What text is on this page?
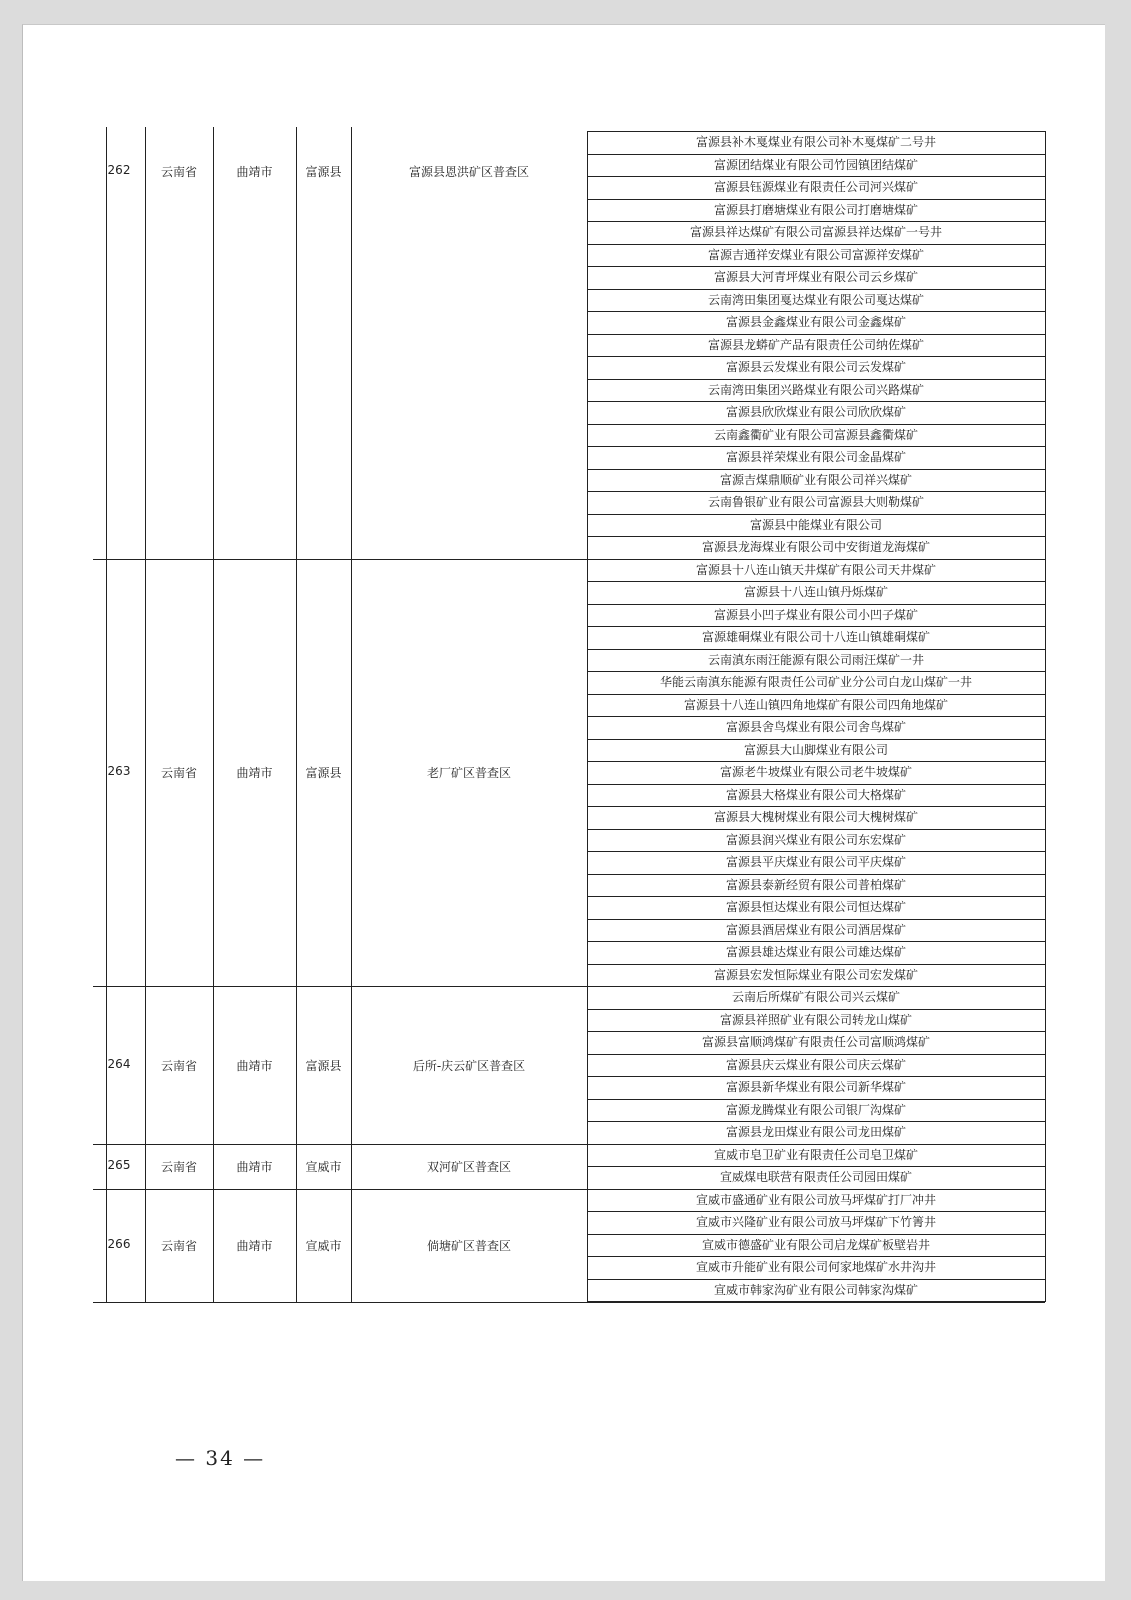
262	云南省	曲靖市	富源县	富源县恩洪矿区普查区
富源县补木戛煤业有限公司补木戛煤矿二号井
富源团结煤业有限公司竹园镇团结煤矿
富源县钰源煤业有限责任公司河兴煤矿
富源县打磨塘煤业有限公司打磨塘煤矿
富源县祥达煤矿有限公司富源县祥达煤矿一号井
富源吉通祥安煤业有限公司富源祥安煤矿
富源县大河青坪煤业有限公司云乡煤矿
云南湾田集团戛达煤业有限公司戛达煤矿
富源县金鑫煤业有限公司金鑫煤矿
富源县龙蟒矿产品有限责任公司纳佐煤矿
富源县云发煤业有限公司云发煤矿
云南湾田集团兴路煤业有限公司兴路煤矿
富源县欣欣煤业有限公司欣欣煤矿
云南鑫衢矿业有限公司富源县鑫衢煤矿
富源县祥荣煤业有限公司金晶煤矿
富源吉煤鼎顺矿业有限公司祥兴煤矿
云南鲁银矿业有限公司富源县大则勒煤矿
富源县中能煤业有限公司
富源县龙海煤业有限公司中安街道龙海煤矿
263	云南省	曲靖市	富源县	老厂矿区普查区
富源县十八连山镇天井煤矿有限公司天井煤矿
富源县十八连山镇丹烁煤矿
富源县小凹子煤业有限公司小凹子煤矿
富源雄硐煤业有限公司十八连山镇雄硐煤矿
云南滇东雨汪能源有限公司雨汪煤矿一井
华能云南滇东能源有限责任公司矿业分公司白龙山煤矿一井
富源县十八连山镇四角地煤矿有限公司四角地煤矿
富源县舍鸟煤业有限公司舍鸟煤矿
富源县大山脚煤业有限公司
富源老牛坡煤业有限公司老牛坡煤矿
富源县大格煤业有限公司大格煤矿
富源县大槐树煤业有限公司大槐树煤矿
富源县润兴煤业有限公司东宏煤矿
富源县平庆煤业有限公司平庆煤矿
富源县泰新经贸有限公司普柏煤矿
富源县恒达煤业有限公司恒达煤矿
富源县酒居煤业有限公司酒居煤矿
富源县雄达煤业有限公司雄达煤矿
富源县宏发恒际煤业有限公司宏发煤矿
264	云南省	曲靖市	富源县	后所-庆云矿区普查区
云南后所煤矿有限公司兴云煤矿
富源县祥照矿业有限公司转龙山煤矿
富源县富顺鸿煤矿有限责任公司富顺鸿煤矿
富源县庆云煤业有限公司庆云煤矿
富源县新华煤业有限公司新华煤矿
富源龙腾煤业有限公司银厂沟煤矿
富源县龙田煤业有限公司龙田煤矿
265	云南省	曲靖市	宣威市	双河矿区普查区
宣威市皂卫矿业有限责任公司皂卫煤矿
宣威煤电联营有限责任公司园田煤矿
266	云南省	曲靖市	宣威市	倘塘矿区普查区
宣威市盛通矿业有限公司放马坪煤矿打厂冲井
宣威市兴隆矿业有限公司放马坪煤矿下竹箐井
宣威市德盛矿业有限公司启龙煤矿板壁岩井
宣威市升能矿业有限公司何家地煤矿水井沟井
宣威市韩家沟矿业有限公司韩家沟煤矿
— 34 —
